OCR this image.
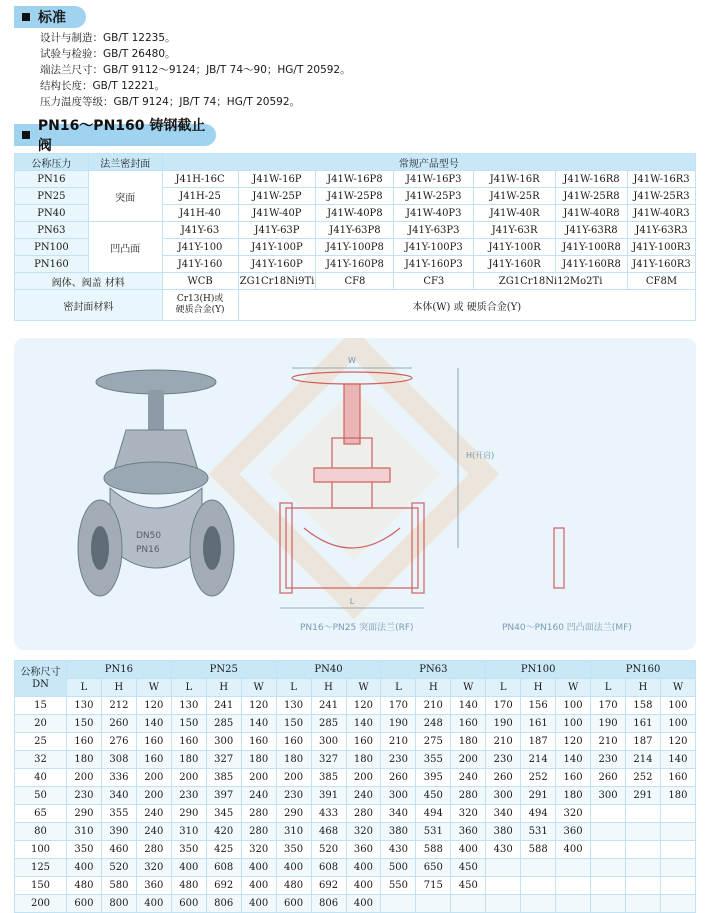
标准
设计与制造：GB/T 12235。
试验与检验：GB/T 26480。
端法兰尺寸：GB/T 9112～9124；JB/T 74～90；HG/T 20592。
结构长度：GB/T 12221。
压力温度等级：GB/T 9124；JB/T 74；HG/T 20592。
PN16～PN160 铸钢截止阀
公称压力	法兰密封面	常规产品型号						
PN16	突面	J41H-16C	J41W-16P	J41W-16P8	J41W-16P3	J41W-16R	J41W-16R8	J41W-16R3
PN25		J41H-25	J41W-25P	J41W-25P8	J41W-25P3	J41W-25R	J41W-25R8	J41W-25R3
PN40		J41H-40	J41W-40P	J41W-40P8	J41W-40P3	J41W-40R	J41W-40R8	J41W-40R3
PN63	凹凸面	J41Y-63	J41Y-63P	J41Y-63P8	J41Y-63P3	J41Y-63R	J41Y-63R8	J41Y-63R3
PN100		J41Y-100	J41Y-100P	J41Y-100P8	J41Y-100P3	J41Y-100R	J41Y-100R8	J41Y-100R3
PN160		J41Y-160	J41Y-160P	J41Y-160P8	J41Y-160P3	J41Y-160R	J41Y-160R8	J41Y-160R3
阀体、阀盖 材料		WCB	ZG1Cr18Ni9Ti	CF8	CF3	ZG1Cr18Ni12Mo2Ti		CF8M
密封面材料		Cr13(H)或
硬质合金(Y)	本体(W) 或 硬质合金(Y)					
DN50
PN16
W
H(开启)
L
PN16～PN25 突面法兰(RF)	PN40～PN160 凹凸面法兰(MF)
公称尺寸
DN	PN16			PN25			PN40			PN63			PN100			PN160		
	L	H	W	L	H	W	L	H	W	L	H	W	L	H	W	L	H	W
15	130	212	120	130	241	120	130	241	120	170	210	140	170	156	100	170	158	100
20	150	260	140	150	285	140	150	285	140	190	248	160	190	161	100	190	161	100
25	160	276	160	160	300	160	160	300	160	210	275	180	210	187	120	210	187	120
32	180	308	160	180	327	180	180	327	180	230	355	200	230	214	140	230	214	140
40	200	336	200	200	385	200	200	385	200	260	395	240	260	252	160	260	252	160
50	230	340	200	230	397	240	230	391	240	300	450	280	300	291	180	300	291	180
65	290	355	240	290	345	280	290	433	280	340	494	320	340	494	320			
80	310	390	240	310	420	280	310	468	320	380	531	360	380	531	360			
100	350	460	280	350	425	320	350	520	360	430	588	400	430	588	400			
125	400	520	320	400	608	400	400	608	400	500	650	450						
150	480	580	360	480	692	400	480	692	400	550	715	450						
200	600	800	400	600	806	400	600	806	400									
